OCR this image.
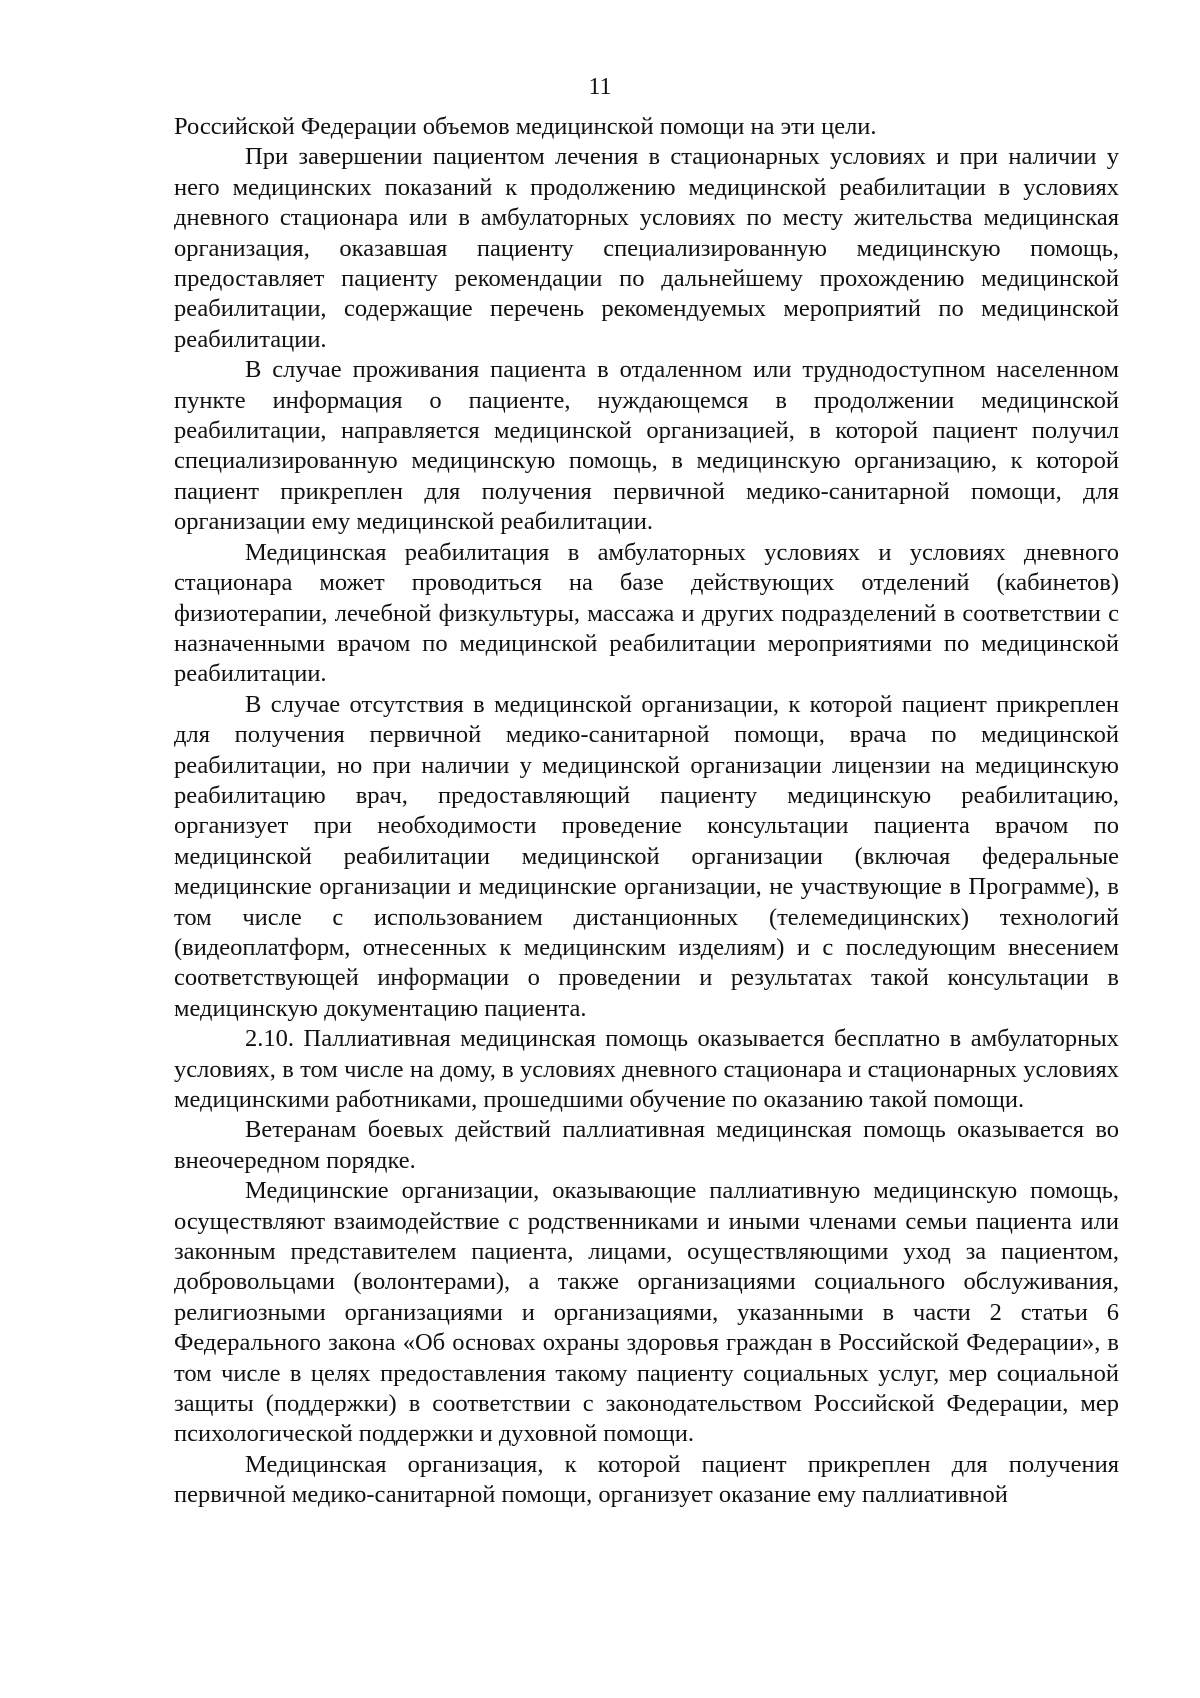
11

Российской Федерации объемов медицинской помощи на эти цели.

При завершении пациентом лечения в стационарных условиях и при наличии у него медицинских показаний к продолжению медицинской реабилитации в условиях дневного стационара или в амбулаторных условиях по месту жительства медицинская организация, оказавшая пациенту специализированную медицинскую помощь, предоставляет пациенту рекомендации по дальнейшему прохождению медицинской реабилитации, содержащие перечень рекомендуемых мероприятий по медицинской реабилитации.

В случае проживания пациента в отдаленном или труднодоступном населенном пункте информация о пациенте, нуждающемся в продолжении медицинской реабилитации, направляется медицинской организацией, в которой пациент получил специализированную медицинскую помощь, в медицинскую организацию, к которой пациент прикреплен для получения первичной медико-санитарной помощи, для организации ему медицинской реабилитации.

Медицинская реабилитация в амбулаторных условиях и условиях дневного стационара может проводиться на базе действующих отделений (кабинетов) физиотерапии, лечебной физкультуры, массажа и других подразделений в соответствии с назначенными врачом по медицинской реабилитации мероприятиями по медицинской реабилитации.

В случае отсутствия в медицинской организации, к которой пациент прикреплен для получения первичной медико-санитарной помощи, врача по медицинской реабилитации, но при наличии у медицинской организации лицензии на медицинскую реабилитацию врач, предоставляющий пациенту медицинскую реабилитацию, организует при необходимости проведение консультации пациента врачом по медицинской реабилитации медицинской организации (включая федеральные медицинские организации и медицинские организации, не участвующие в Программе), в том числе с использованием дистанционных (телемедицинских) технологий (видеоплатформ, отнесенных к медицинским изделиям) и с последующим внесением соответствующей информации о проведении и результатах такой консультации в медицинскую документацию пациента.

2.10. Паллиативная медицинская помощь оказывается бесплатно в амбулаторных условиях, в том числе на дому, в условиях дневного стационара и стационарных условиях медицинскими работниками, прошедшими обучение по оказанию такой помощи.

Ветеранам боевых действий паллиативная медицинская помощь оказывается во внеочередном порядке.

Медицинские организации, оказывающие паллиативную медицинскую помощь, осуществляют взаимодействие с родственниками и иными членами семьи пациента или законным представителем пациента, лицами, осуществляющими уход за пациентом, добровольцами (волонтерами), а также организациями социального обслуживания, религиозными организациями и организациями, указанными в части 2 статьи 6 Федерального закона «Об основах охраны здоровья граждан в Российской Федерации», в том числе в целях предоставления такому пациенту социальных услуг, мер социальной защиты (поддержки) в соответствии с законодательством Российской Федерации, мер психологической поддержки и духовной помощи.

Медицинская организация, к которой пациент прикреплен для получения первичной медико-санитарной помощи, организует оказание ему паллиативной
